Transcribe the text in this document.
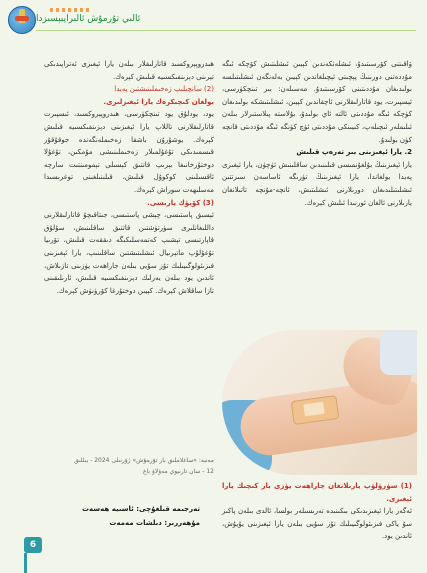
ئالىي تۇرمۇش ئالىراپبېسىزدا

ۋاقىتنى كۆرسىتىدۇ، ئىشلەتكەندىن كېيىن ئىشلىتىش كۆچكە ئىگە مۇددەتنى دورىنىڭ پېچىتى ئېچىلغاندىن كېيىن بەلەنگەن ئىشلىتىلسە بولىدىغان مۇددىتىنى كۆرسىتىدۇ. مەسىلەن: بىر تىنچكۈرسى، ئېسپىرت، يود قاتارلىقلارنى ئاچقاندىن كېيىن، ئىشلىتىشكە بولىدىغان كۈچكە ئىگە مۇددىتى ئالتە ئاي بولىدۇ، بۇلاستە پىلاستىرلار بىلەن ئىلىملەر ئىچىلەپ، كىيىنكى مۇددىتى ئۈچ كۈنگە ئىگە مۇددىتى قانچە كۈن بولىدۇ.

2. يارا ئېغىزىنى بىر تەرەپ قىلىش

يارا ئېغىزىنىڭ بۇلغۇنمىسى قىلىنىدىن ساقلىنىش ئۈچۈن، يارا ئېغىزى پەيدا بولغاندا، يارا ئېغىزىنىڭ تۈرىگە ئاساسەن سىرتتىن ئىشلىتىلىدىغان دورىلارنى ئىشلىتىش، ئانچە-مۇنچە تاتىلانغان يارىلارنى ئالغان ئورنىدا ئىلىش كېرەك.

(1) سۈرۈلۈپ يارىلانغان جاراھەت يۈزى بار كىچىك يارا ئېغىزى.

ئەگەر يارا ئېغىزىدىكى بىكىنىدە تەرىسىلەر بولسا، ئالدى بىلەن پاكىز سۇ ياكى فىزىئولوگىيىلىك تۇز سۇيى بىلەن يارا ئېغىزىنى يۇيۇش، ئاندىن يود.

ھىدروپېروكسىد قاتارلىقلار بىلەن يارا ئېغىزى ئەتراپىدىكى تېرىنى دېزىنفىكسىيە قىلىش كېرەك.

(2) سانچىلىپ زەخىملىنىشتىن پەيدا

بولغان كىچىكرەك يارا ئېغىزلىرى.

يود، يودلۇق يود تىنچكۈرسى، ھىدروپېروكسىد، ئىسپىرت قاتارلىقلارنى تاللاپ يارا ئېغىزىنى دېزىنفىكسىيە قىلىش كېرەك. يوشۇرۇن باشقا زەخىملەنگەندە جوقۇقۇر قىسمىدىكى تۇغۇلمىلار زەخىملىنىشى مۇمكىن، تۇغۇلا دوختۇرخانىغا بېرىپ قاتتىق كېسىلى تېمومىنتىت سارچە ئاقسىلىنى كوكوۇل قىلىش، قىلىنىلغىنى توغرىسىدا مەسلىھەت سوراش كېرەك.

(3) كۆيۈك يارىسى.

ئېسىق پاستىسى، چېشى پاستىسى، جىتاقىچۇ قاتارلىقلارنى داللىغانلىرى سۈرتۈشتىن قاتتىق ساقلىنىش، سۇلۇق قاپارتىسى تېشىپ كەتمەسلىكىگە دىققەت قىلىش، تۆرىيا تۇغۇلۇپ ماتېرىيال ئىشلىتىشتىن ساقلىنىپ، يارا ئېغىزىنى فىزىئولوگىيىلىك تۇز سۇيى بىلەن جاراھەت يۈزىنى تازىلاش، ئاندىن يود بىلەن يەرلىك دېزىنفىكسىيە قىلىش، ئارىلىقىنى تازا ساقلاش كېرەك. كېيىن دوختۇرغا كۆرۈنۈش كېرەك.

مەنبە: «ساغلاملىق بار تۇرمۇش» ژۇرنىلى 2024 - يىللىق
12 - سان تارىيوي مەۋلاۋ باغ
تەرجىمە قىلغۇچى: ئاسىيە ھەسەت
مۇھەررىر: دىلشات مەمەت
6
